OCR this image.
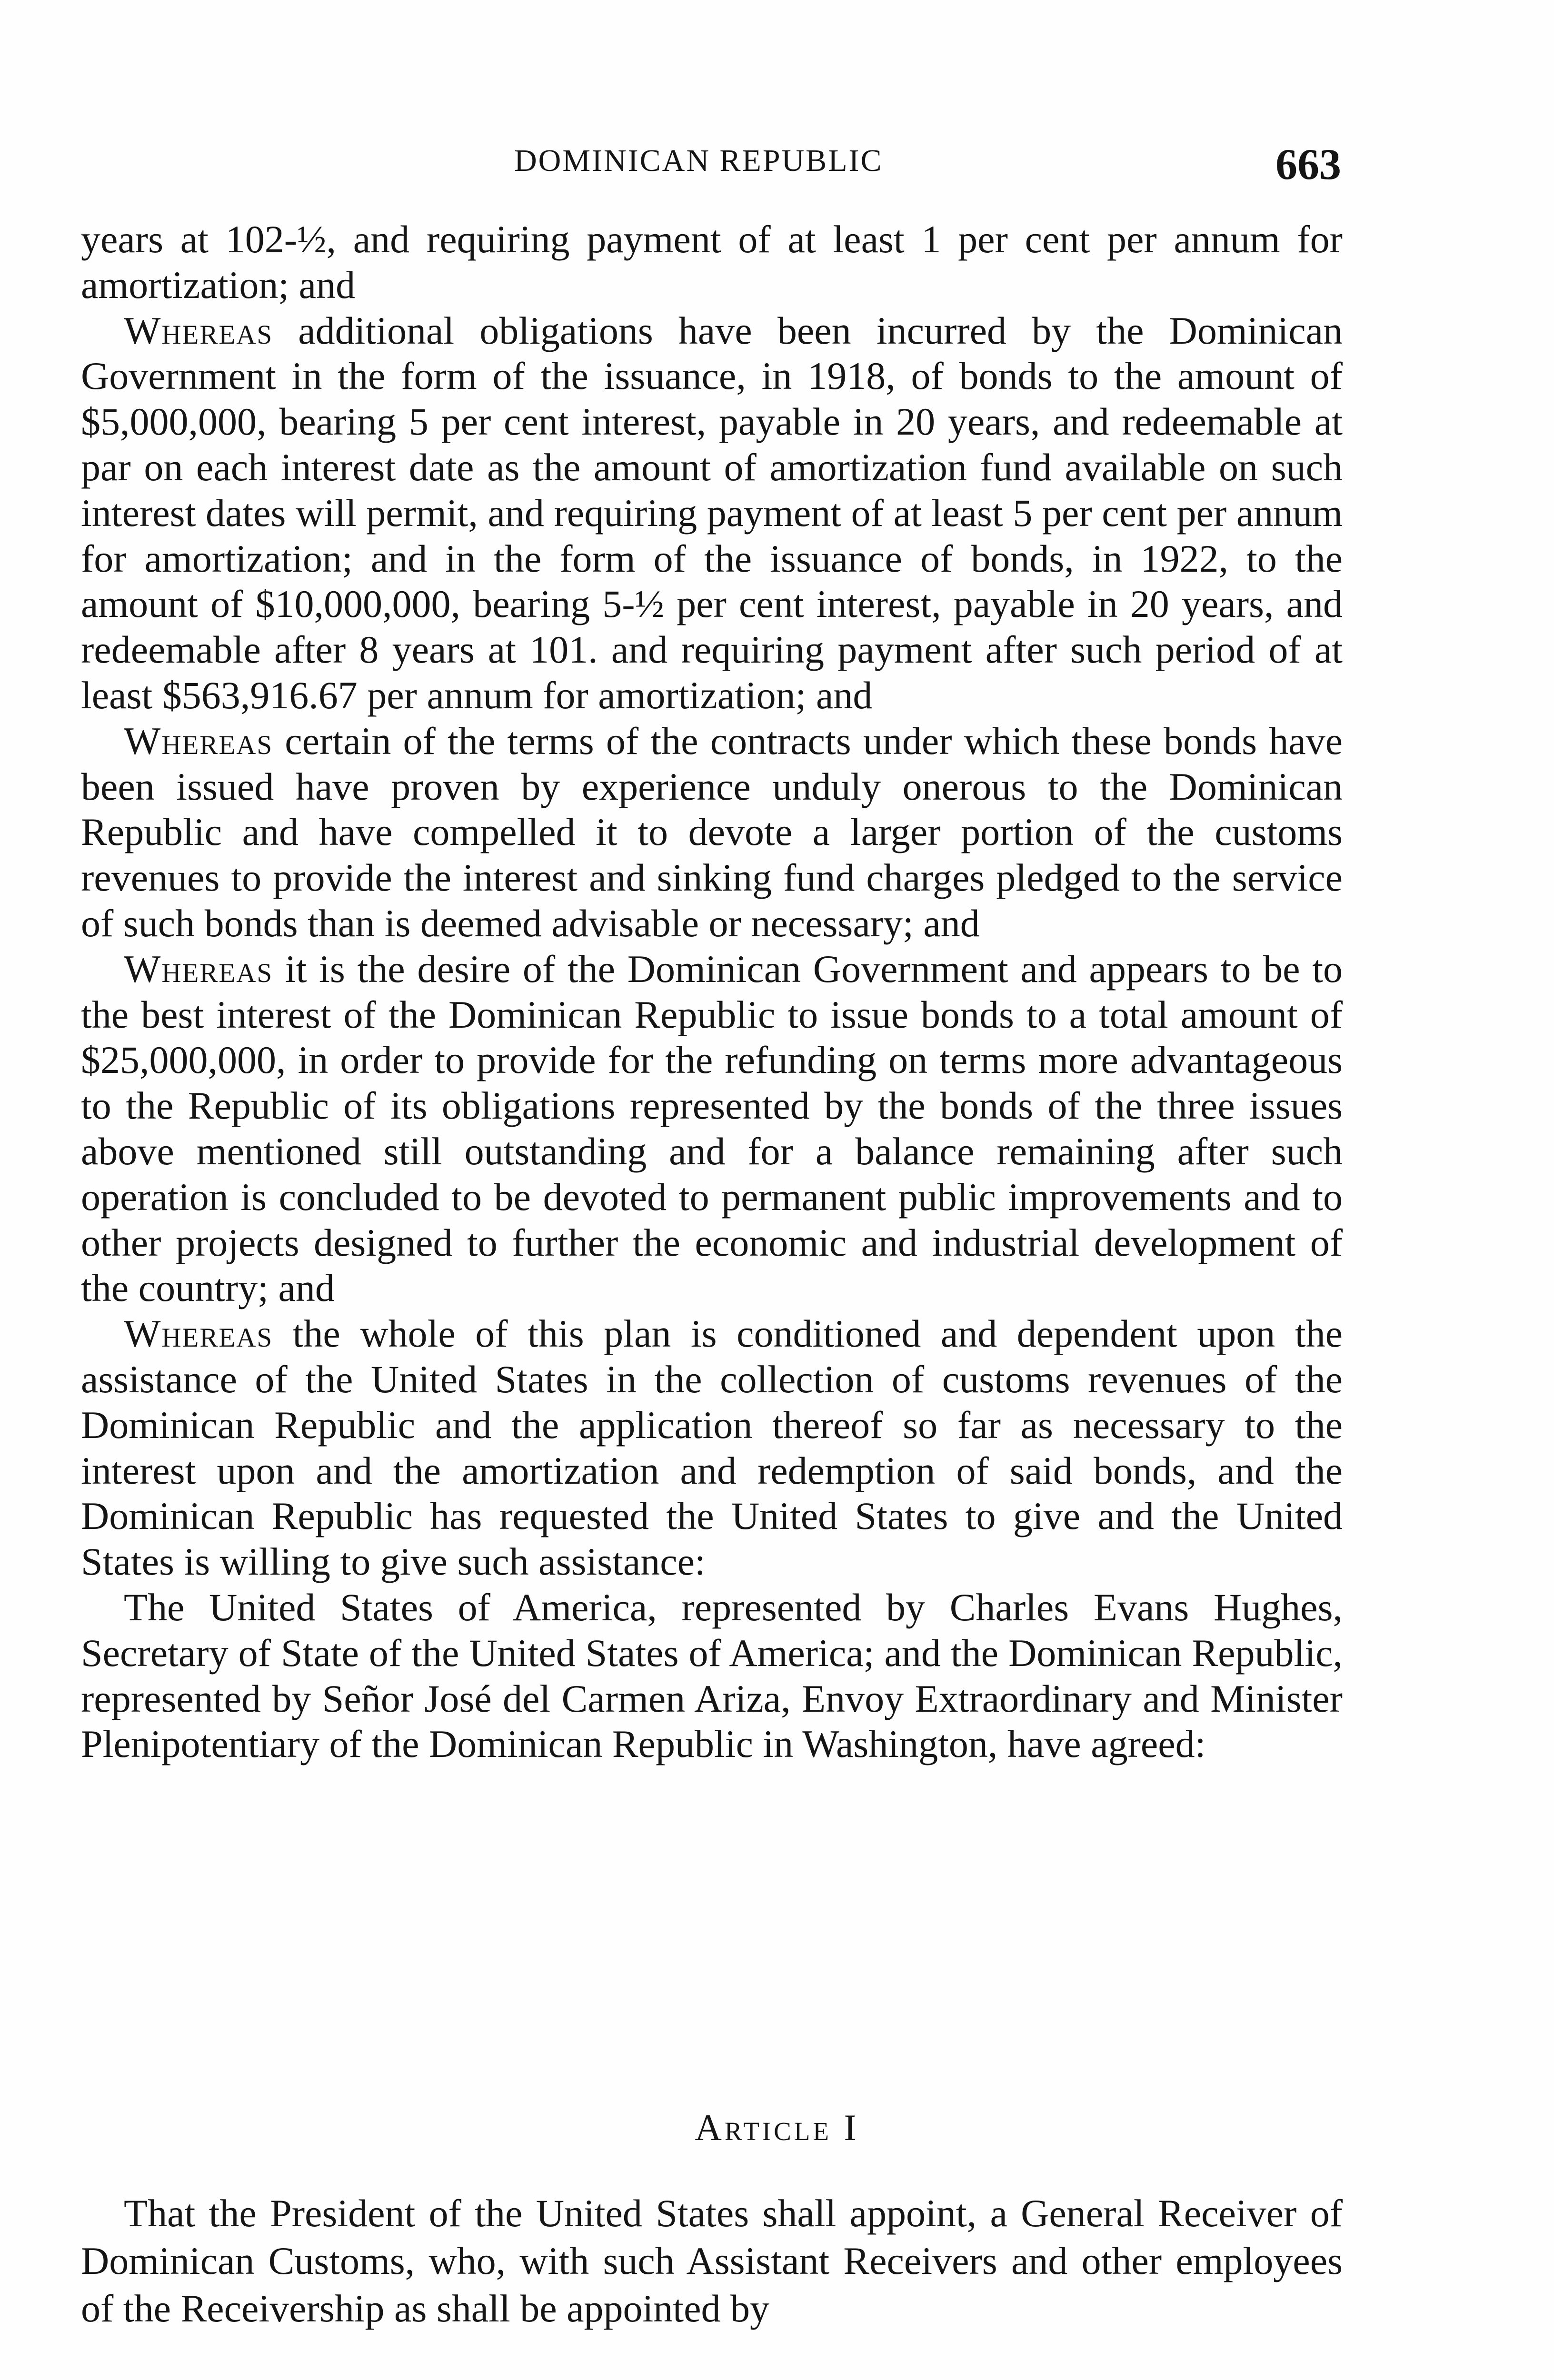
DOMINICAN REPUBLIC	663

years at 102-½, and requiring payment of at least 1 per cent per annum for amortization; and

Whereas additional obligations have been incurred by the Dominican Government in the form of the issuance, in 1918, of bonds to the amount of $5,000,000, bearing 5 per cent interest, payable in 20 years, and redeemable at par on each interest date as the amount of amortization fund available on such interest dates will permit, and requiring payment of at least 5 per cent per annum for amortization; and in the form of the issuance of bonds, in 1922, to the amount of $10,000,000, bearing 5-½ per cent interest, payable in 20 years, and redeemable after 8 years at 101. and requiring payment after such period of at least $563,916.67 per annum for amortization; and

Whereas certain of the terms of the contracts under which these bonds have been issued have proven by experience unduly onerous to the Dominican Republic and have compelled it to devote a larger portion of the customs revenues to provide the interest and sinking fund charges pledged to the service of such bonds than is deemed advisable or necessary; and

Whereas it is the desire of the Dominican Government and appears to be to the best interest of the Dominican Republic to issue bonds to a total amount of $25,000,000, in order to provide for the refunding on terms more advantageous to the Republic of its obligations represented by the bonds of the three issues above mentioned still outstanding and for a balance remaining after such operation is concluded to be devoted to permanent public improvements and to other projects designed to further the economic and industrial development of the country; and

Whereas the whole of this plan is conditioned and dependent upon the assistance of the United States in the collection of customs revenues of the Dominican Republic and the application thereof so far as necessary to the interest upon and the amortization and redemption of said bonds, and the Dominican Republic has requested the United States to give and the United States is willing to give such assistance:

The United States of America, represented by Charles Evans Hughes, Secretary of State of the United States of America; and the Dominican Republic, represented by Señor José del Carmen Ariza, Envoy Extraordinary and Minister Plenipotentiary of the Dominican Republic in Washington, have agreed:

Article I

That the President of the United States shall appoint, a General Receiver of Dominican Customs, who, with such Assistant Receivers and other employees of the Receivership as shall be appointed by
